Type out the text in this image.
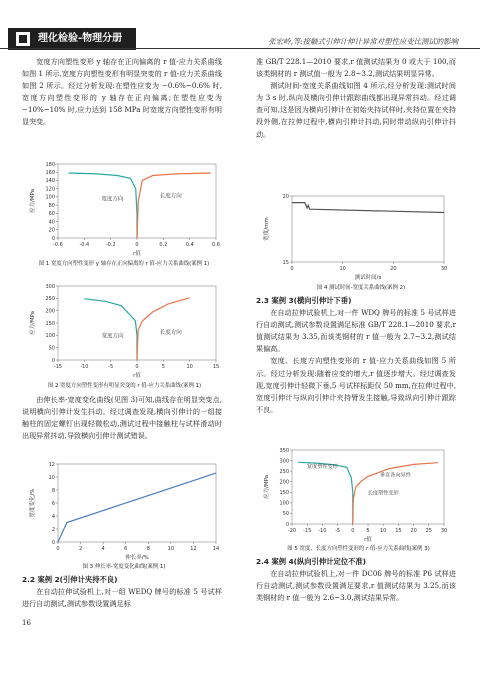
理化检验-物理分册	张宏岭,等:接触式引伸计伸计异常对塑性应变比测试的影响

宽度方向塑性变形 y 轴存在正向偏离的 r 值-应力关系曲线如图 1 所示,宽度方向塑性变形有明显突变的 r 值-应力关系曲线如图 2 所示。经过分析发现:在塑性应变为 −0.6%~0.6% 时,宽度方向塑性变形的 y 轴存在正向偏离;在塑性应变为 −10%~10% 时,应力达到 158 MPa 时宽度方向塑性变形有明显突变。

-0.6	-0.4	-0.2	0	0.2	0.4	0.6
0
20
40
60
80
100
120
140
160
180
r值
应力/MPa	宽度方向	长度方向
图 1 宽度方向塑性变形 y 轴存在正向偏离的 r 值-应力关系曲线(案例 1)
-15	-10	-5	0	5	10	15
0
50
100
150
200
250
300
r值
应力/MPa
宽度方向
长度方向
图 2 宽度方向塑性变形有明显突变的 r 值-应力关系曲线(案例 1)

由伸长率-宽度变化曲线(见图 3)可知,曲线存在明显突变点,说明横向引伸计发生抖动。经过调查发现,横向引伸计的一组接触柱的固定螺钉出现轻微松动,测试过程中接触柱与试样滑动时出现异常抖动,导致横向引伸计测试错误。

0	2	4	6	8	10	12	14
0
2
4
6
8
10
12
伸长率/%
宽度变化/%
图 3 伸长率-宽度变化曲线(案例 1)

2.2 案例 2(引伸计夹持不良)

在自动拉伸试验机上,对一组 WEDQ 牌号的标准 5 号试样进行自动测试,测试参数设置满足标

16

准 GB/T 228.1—2010 要求,r 值测试结果为 0 或大于 100,而该类钢材的 r 测试值一般为 2.8~3.2,测试结果明显异常。

测试时间-宽度关系曲线如图 4 所示,经分析发现:测试时间为 3 s 时,纵向及横向引伸计跟踪曲线都出现异常抖动。经过调查可知,这是因为横向引伸计在初始夹持试样时,夹持位置在夹持段外侧,在拉伸过程中,横向引伸计抖动,同时带动纵向引伸计抖动。

0	10	20	30
15
20
测试时间/s
宽度/mm
图 4 测试时间-宽度关系曲线(案例 2)

2.3 案例 3(横向引伸计下垂)

在自动拉伸试验机上,对一件 WDQ 牌号的标准 5 号试样进行自动测试,测试参数设置满足标准 GB/T 228.1—2010 要求,r 值测试结果为 3.35,而该类钢材的 r 值一般为 2.7~3.2,测试结果偏高。

宽度、长度方向塑性变形的 r 值-应力关系曲线如图 5 所示。经过分析发现:随着应变的增大,r 值逐步增大。经过调查发现,宽度引伸计轻微下垂,5 号试样标距仅 50 mm,在拉伸过程中,宽度引伸计与纵向引伸计夹持臂发生接触,导致纵向引伸计跟踪不良。

-20 -15 -10 -5 0 5 10 15 20 25 30
0
50
100
150
200
250
300
350
r值
应力/MPa
宽度塑性变形
垂直各向异性
长度塑性变形
图 5 宽度、长度方向塑性变形的 r 值-应力关系曲线(案例 3)

2.4 案例 4(纵向引伸计定位不准)

在自动拉伸试验机上,对一件 DC06 牌号的标准 P6 试样进行自动测试,测试参数设置满足要求,r 值测试结果为 3.25,而该类钢材的 r 值一般为 2.6~3.0,测试结果异常。
